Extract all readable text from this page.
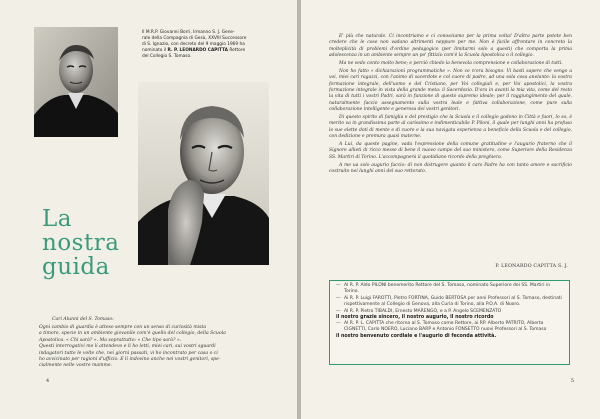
Il M.R.P. Giovanni Borri, Irmanno S. J. Gene-
rale della Compagnia di Gesù, XXVIII Successore
di S. Ignazio, con decreto del 9 maggio 1969 ha
nominato il R. P. LEONARDO CAPITTA Rettore
del Collegio S. Tomaso.
La
nostra
guida
Cari Alunni del S. Tomaso:
Ogni cambio di guardia è atteso sempre con un senso di curiosità mista
a timore, specie in un ambiente giovanile com'è quello del collegio, della Scuola
Apostolica. « Chi sarà? ». Ma soprattutto: « Che tipo sarà? ».
Questi interrogativi me li attendevo e li ho letti, miei cari, sui vostri sguardi
indagatori tutte le volte che, nei giorni passati, vi ho incontrato per casa o ci
ho avvicinato per ragioni d'ufficio. E li indovino anche nei vostri genitori, spe-
cialmente nelle vostre mamme.
4

E' più che naturale. Ci incontriamo e ci conosciamo per la prima volta! D'altra parte potete ben credere che le cose non vadano altrimenti neppure per me. Non è facile affrontare in concreto la molteplicità di problemi d'ordine pedagogico (per limitarmi solo a questi) che comporta la prima adolescenza in un ambiente sempre un po' fittizio com'è la Scuola Apostolica o il collegio.

Ma ne vedo conto molto bene; e perciò chiedo la benevola comprensione e collaborazione di tutti.

Non ho fatto « dichiarazioni programmatiche ». Non ce n'era bisogno. Vi basti sapere che vengo a voi, miei cari ragazzi, con l'animo di sacerdote e col cuore di padre, ad una sola cosa anelante: la vostra formazione integrale, dell'uomo e del Cristiano, per Voi collegiali e, per Voi apostolici, la vostra formazione integrale in vista della grande meta: il Sacerdozio. D'ora in avanti la mia vita, come del resto la vita di tutti i vostri Padri, sarà in funzione di questo supremo ideale; per il raggiungimento del quale, naturalmente faccio assegnamento sulla vostra leale e fattiva collaborazione, come pure sulla collaborazione intelligente e generosa dei vostri genitori.

Di questo spirito di famiglia e del prestigio che la Scuola e il collegio godono in Città e fuori, lo so, è merito va in grandissima parte al carissimo e indimenticabile P. Piloni, il quale per lunghi anni ha profuso le sue elette doti di mente e di cuore e la sua navigata esperienza a beneficio della Scuola e del collegio, con dedizione e premura quasi materne.

A Lui, da queste pagine, vada l'espressione della comune gratitudine e l'augurio fraterno che il Signore allieti di ricco messe di bene il nuovo campo del suo ministero, come Superiore della Residenza SS. Martiri di Torino. L'accompagnerà il quotidiano ricordo della preghiera.

A me ua solo augurio faccio: di non distrugere quanto il caro Padre ha con tanto amore e sacrificio costruito nei lunghi anni del suo rettorato.

P. LEONARDO CAPITTA S. J.
— Al R. P. Aldo PILONI benemerito Rettore del S. Tomaso, nominato Superiore dei SS. Martiri in Torino.
— Ai R. P. Luigi FAROTTI, Pietro FORTINA, Guido BERTOSA per anni Professori al S. Tomaso, destinati rispettivamente al Collegio di Genova, alla Curia di Torino, alla P.O.A. di Nuoro.
— Al R. P. Pietro TIBALDI, Ernesto MARENGO, e a P. Angelo SCEMENZATO
il nostro grazie sincero, il nostro augurio, il nostro ricordo
— Al R. P. L. CAPITTA che ritorna al S. Tomaso come Rettore, ai RP. Alberto PATRITO, Alberto CIGNETTI, Carlo NOERO, Luciano BARP e Antonio FONSETTO nuovi Professori al S. Tomaso
il nostro benvenuto cordiale e l'augurio di feconda attività.
5
